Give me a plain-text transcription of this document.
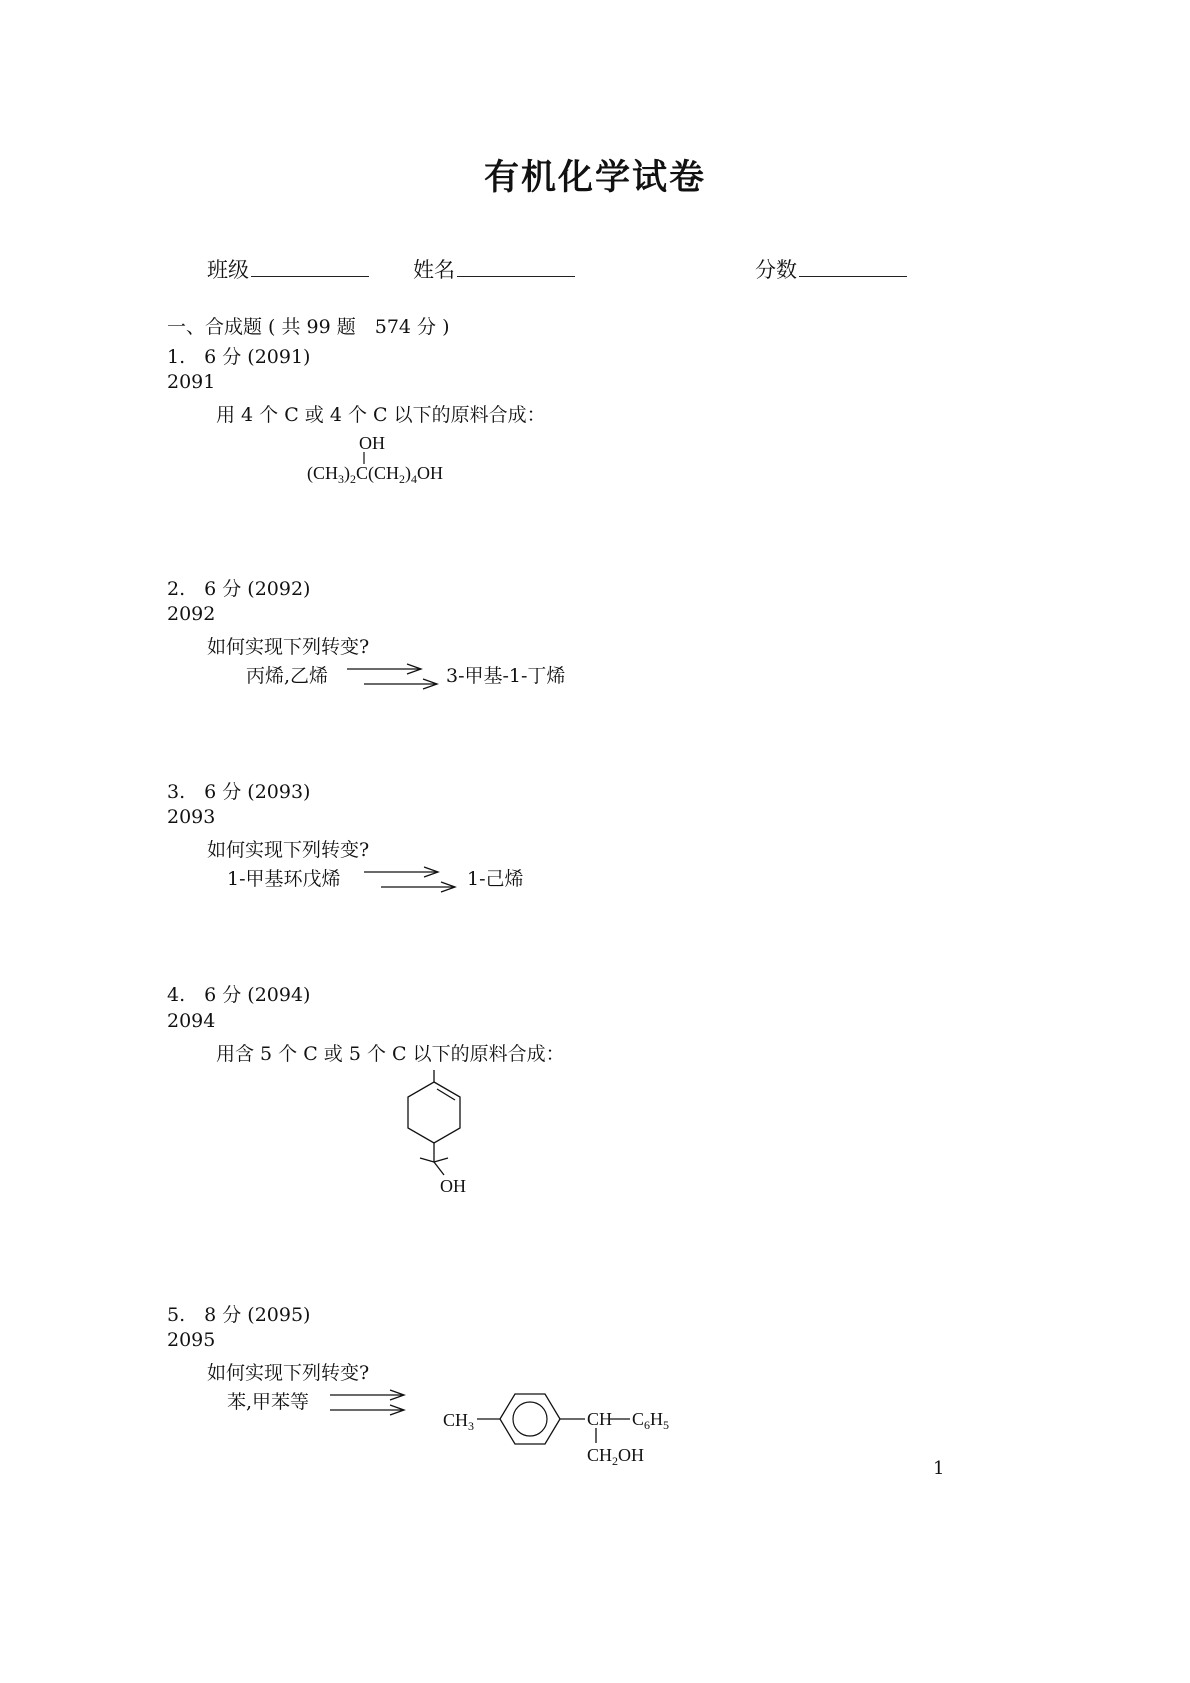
有机化学试卷
班级	姓名	分数
一、合成题 ( 共 99 题　574 分 )
1.　6 分 (2091)
2091
用 4 个 C 或 4 个 C 以下的原料合成：
OH
$(CH_3)_2C(CH_2)_4OH$
2.　6 分 (2092)
2092
如何实现下列转变?
丙烯,乙烯	3-甲基-1-丁烯
3.　6 分 (2093)
2093
如何实现下列转变?
1-甲基环戊烯	1-己烯
4.　6 分 (2094)
2094
用含 5 个 C 或 5 个 C 以下的原料合成：
OH
5.　8 分 (2095)
2095
如何实现下列转变?
苯,甲苯等
$CH_3$	CH $C_6H_5$
$CH_2OH$
1
